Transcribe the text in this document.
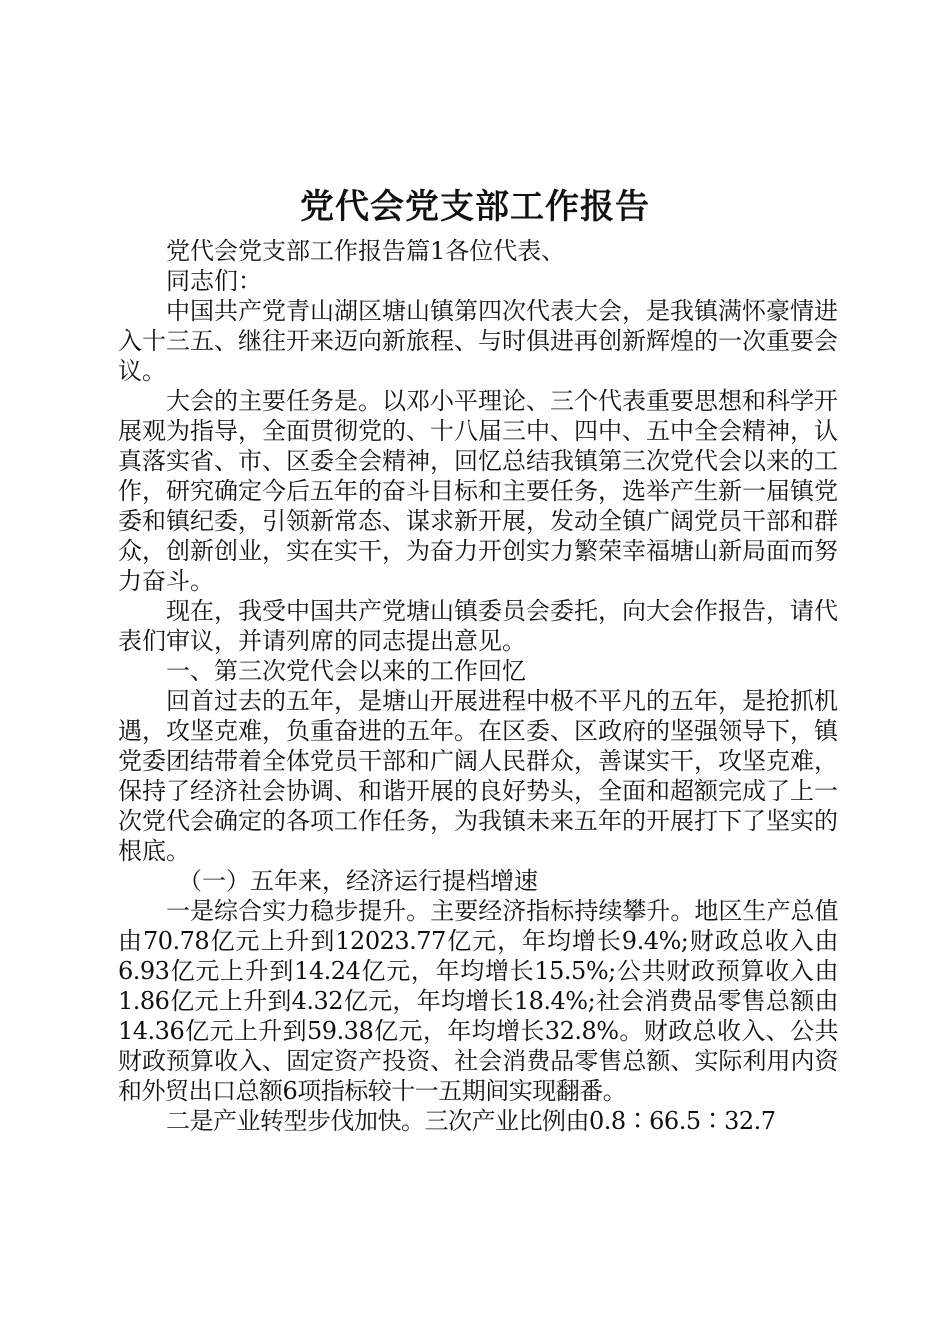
党代会党支部工作报告

党代会党支部工作报告篇1各位代表、

同志们：

中国共产党青山湖区塘山镇第四次代表大会，是我镇满怀豪情进入十三五、继往开来迈向新旅程、与时俱进再创新辉煌的一次重要会议。

大会的主要任务是。以邓小平理论、三个代表重要思想和科学开展观为指导，全面贯彻党的、十八届三中、四中、五中全会精神，认真落实省、市、区委全会精神，回忆总结我镇第三次党代会以来的工作，研究确定今后五年的奋斗目标和主要任务，选举产生新一届镇党委和镇纪委，引领新常态、谋求新开展，发动全镇广阔党员干部和群众，创新创业，实在实干，为奋力开创实力繁荣幸福塘山新局面而努力奋斗。

现在，我受中国共产党塘山镇委员会委托，向大会作报告，请代表们审议，并请列席的同志提出意见。

一、第三次党代会以来的工作回忆

回首过去的五年，是塘山开展进程中极不平凡的五年，是抢抓机遇，攻坚克难，负重奋进的五年。在区委、区政府的坚强领导下，镇党委团结带着全体党员干部和广阔人民群众，善谋实干，攻坚克难，保持了经济社会协调、和谐开展的良好势头，全面和超额完成了上一次党代会确定的各项工作任务，为我镇未来五年的开展打下了坚实的根底。

（一）五年来，经济运行提档增速

一是综合实力稳步提升。主要经济指标持续攀升。地区生产总值由70.78亿元上升到12023.77亿元，年均增长9.4%;财政总收入由6.93亿元上升到14.24亿元，年均增长15.5%;公共财政预算收入由1.86亿元上升到4.32亿元，年均增长18.4%;社会消费品零售总额由14.36亿元上升到59.38亿元，年均增长32.8%。财政总收入、公共财政预算收入、固定资产投资、社会消费品零售总额、实际利用内资和外贸出口总额6项指标较十一五期间实现翻番。

二是产业转型步伐加快。三次产业比例由0.8∶66.5∶32.7
